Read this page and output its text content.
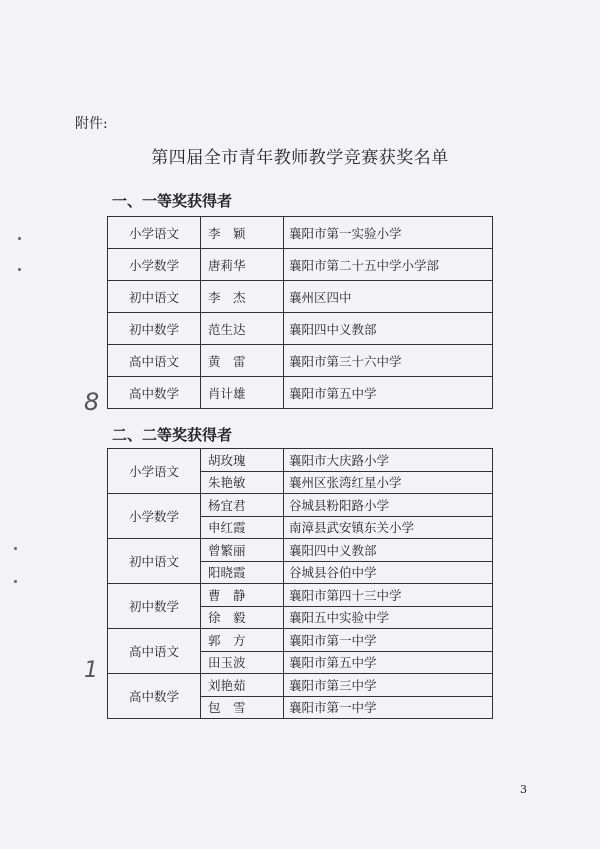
附件:
第四届全市青年教师教学竞赛获奖名单
一、一等奖获得者
小学语文	李　颖	襄阳市第一实验小学
小学数学	唐莉华	襄阳市第二十五中学小学部
初中语文	李　杰	襄州区四中
初中数学	范生达	襄阳四中义教部
高中语文	黄　雷	襄阳市第三十六中学
高中数学	肖计雄	襄阳市第五中学
二、二等奖获得者
小学语文	胡玫瑰	襄阳市大庆路小学
	朱艳敏	襄州区张湾红星小学
小学数学	杨宜君	谷城县粉阳路小学
	申红霞	南漳县武安镇东关小学
初中语文	曾繁丽	襄阳四中义教部
	阳晓霞	谷城县谷伯中学
初中数学	曹　静	襄阳市第四十三中学
	徐　毅	襄阳五中实验中学
高中语文	郭　方	襄阳市第一中学
	田玉波	襄阳市第五中学
高中数学	刘艳茹	襄阳市第三中学
	包　雪	襄阳市第一中学
8
1
3
